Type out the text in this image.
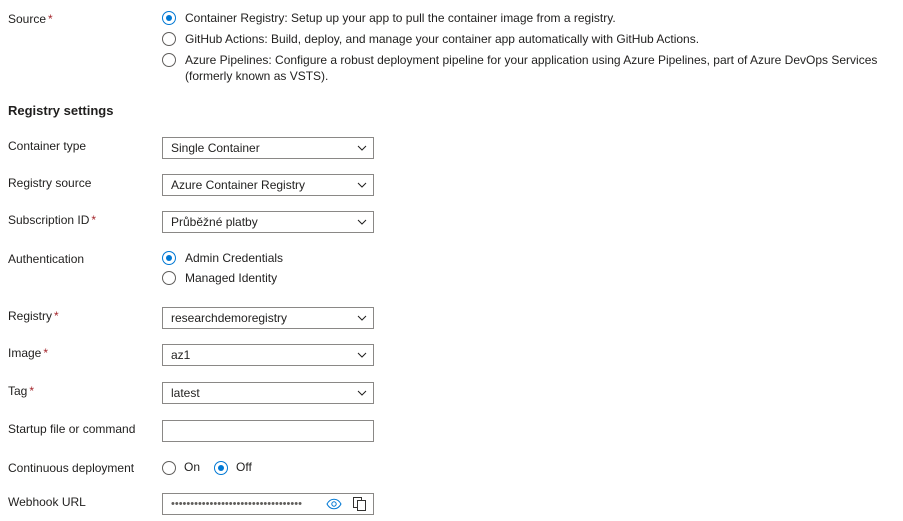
Source *	Container Registry: Setup up your app to pull the container image from a registry.
GitHub Actions: Build, deploy, and manage your container app automatically with GitHub Actions.
Azure Pipelines: Configure a robust deployment pipeline for your application using Azure Pipelines, part of Azure DevOps Services (formerly known as VSTS).
Registry settings
Container type	Single Container
Registry source	Azure Container Registry
Subscription ID *	Průběžné platby
Authentication	Admin Credentials
Managed Identity
Registry *	researchdemoregistry
Image *	az1
Tag *	latest
Startup file or command
Continuous deployment	On	Off
Webhook URL	••••••••••••••••••••••••••••••••••
